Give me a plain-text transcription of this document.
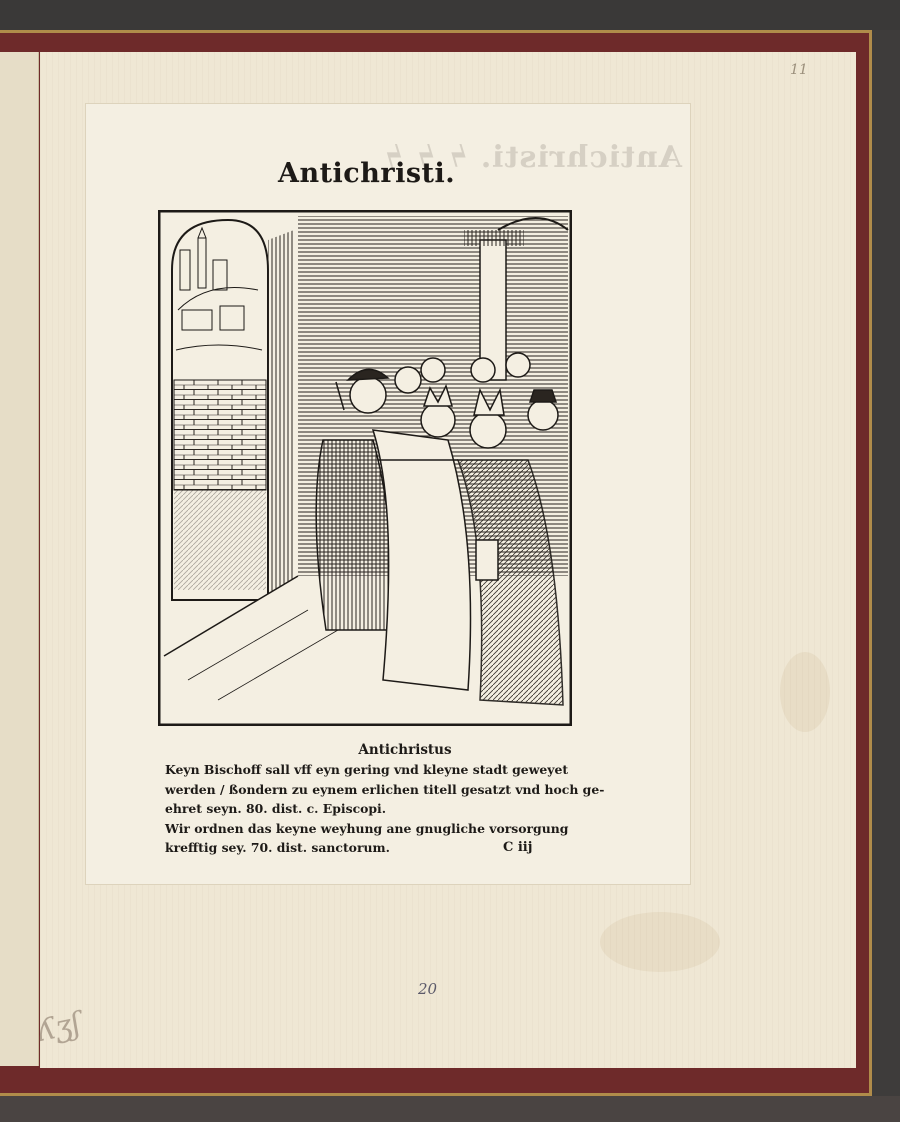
11
Antichristi. ϟ ϟ ϟ
Antichristi.
Antichristus
Keyn Bischoff sall vff eyn gering vnd kleyne stadt geweyet
werden / ßondern zu eynem erlichen titell gesatzt vnd hoch ge-
ehret seyn. 80. dist. c. Episcopi.
Wir ordnen das keyne weyhung ane gnugliche vorsorgung
krefftig sey. 70. dist. sanctorum.	C iij
20
ʎʒʃ
